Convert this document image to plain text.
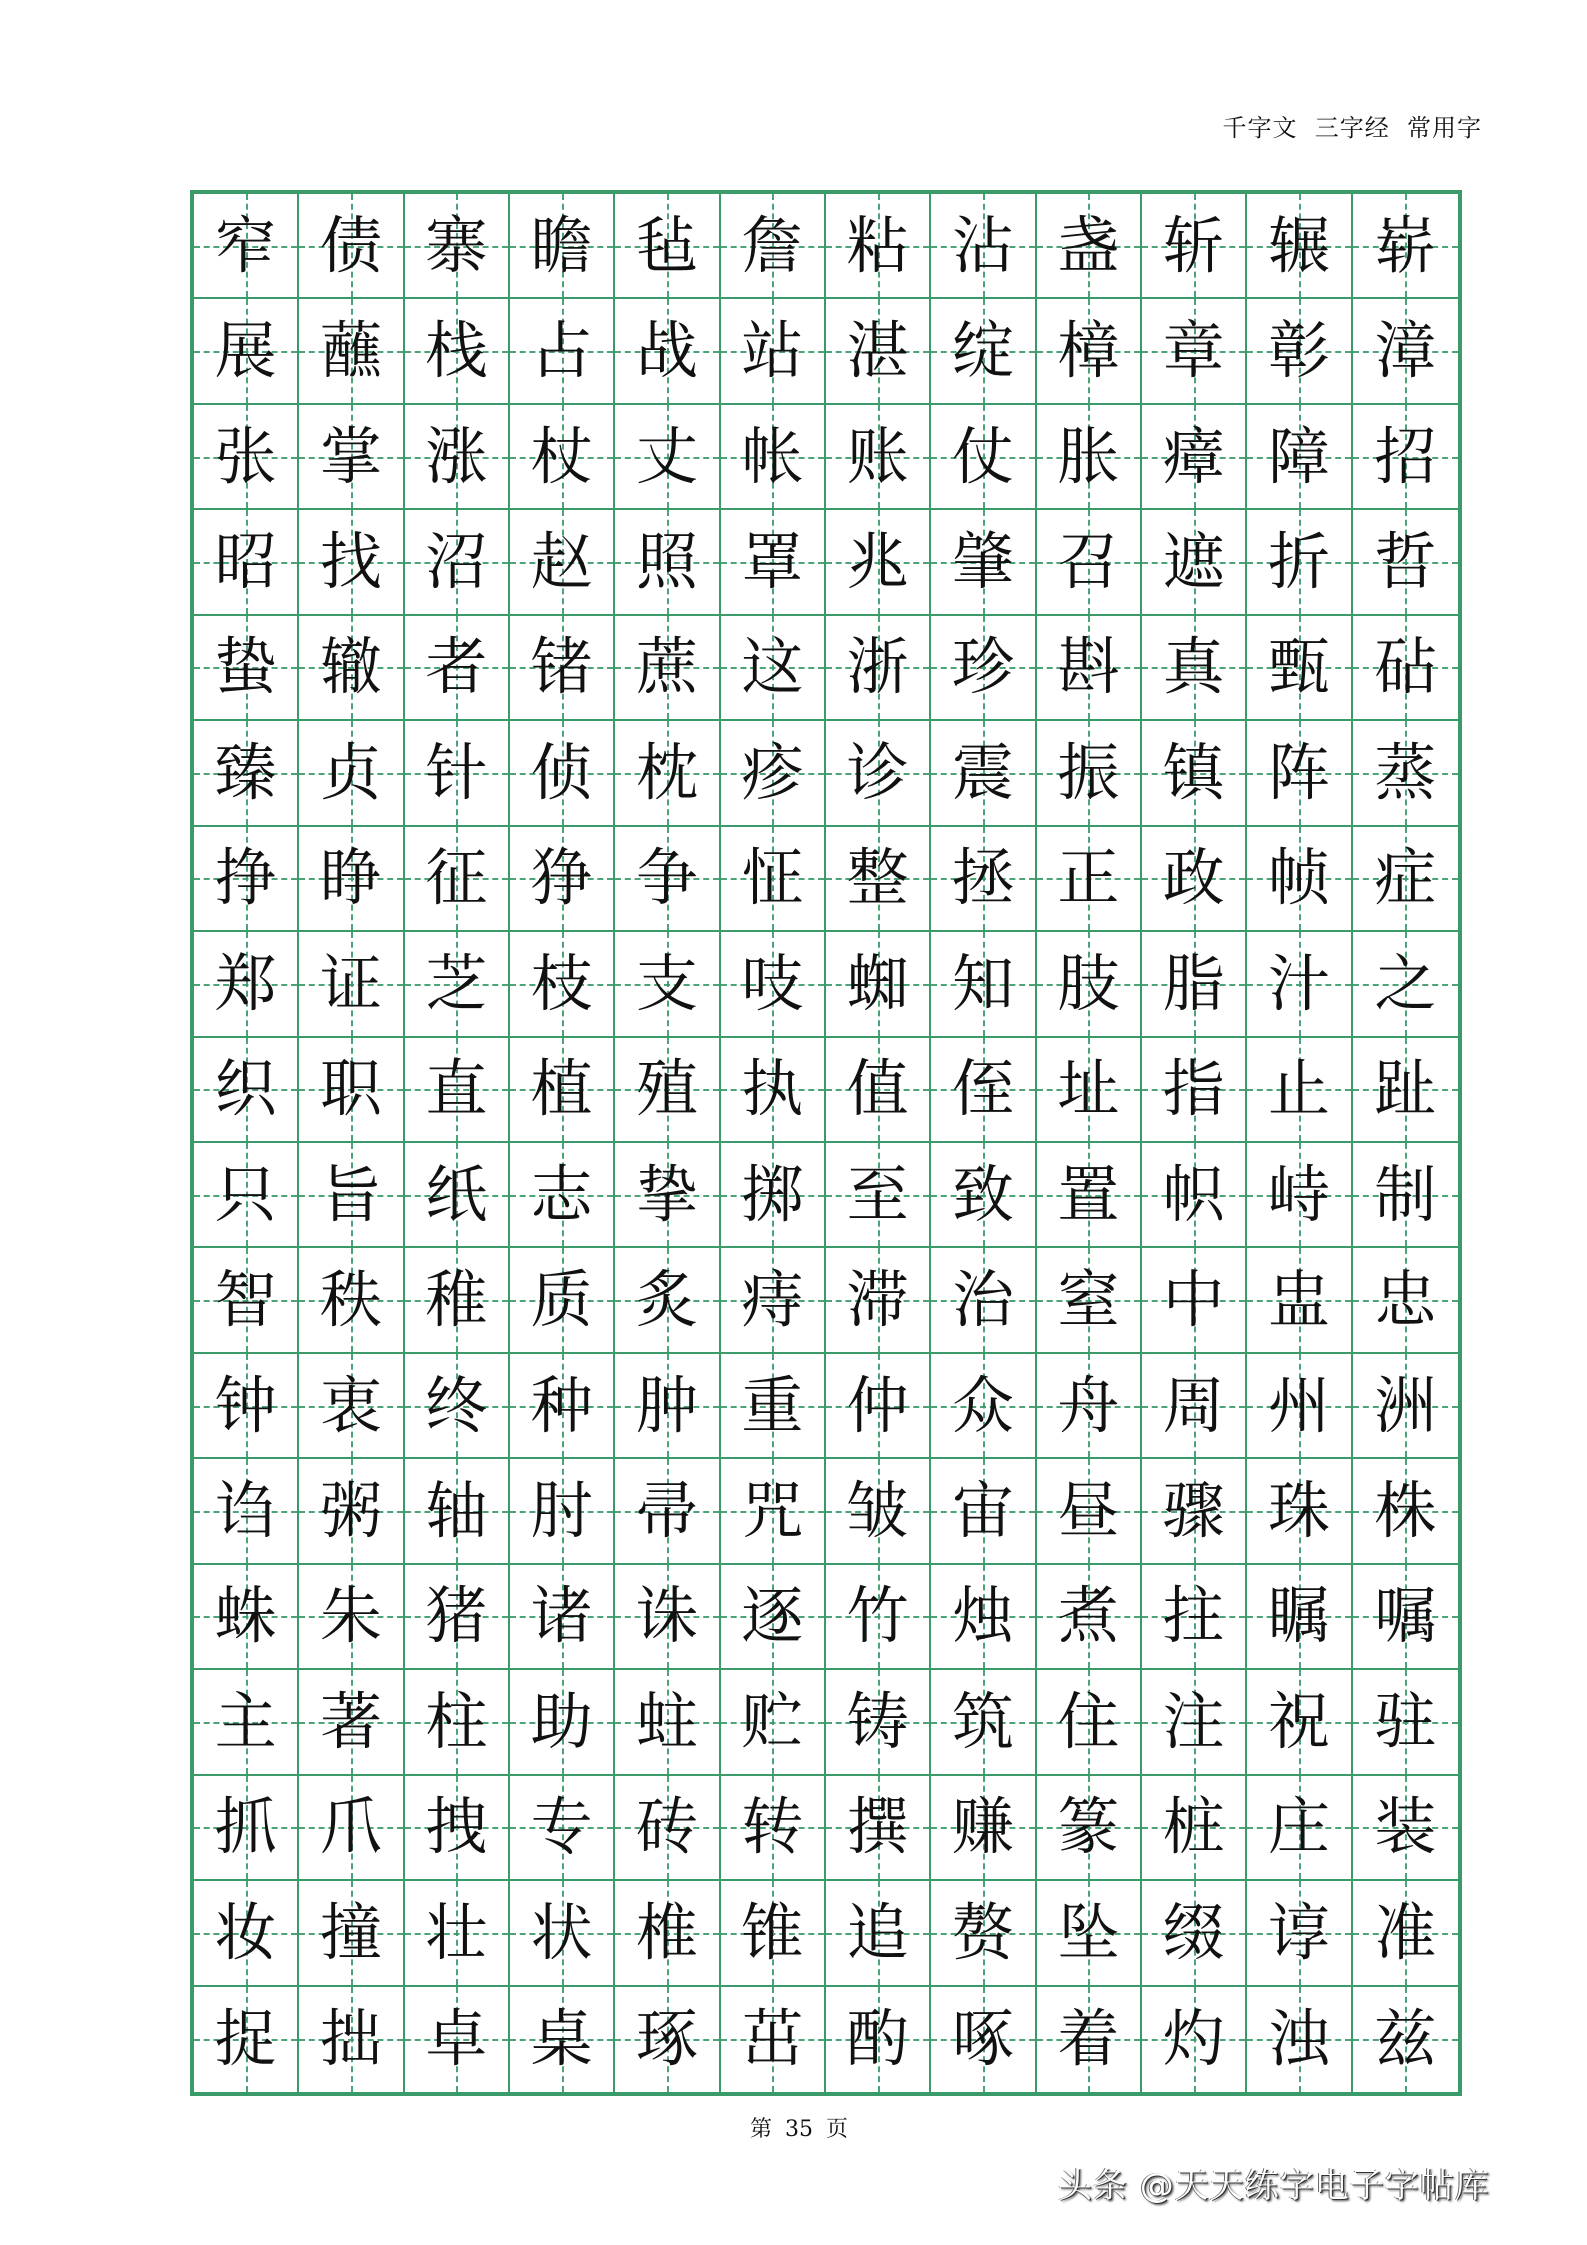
千字文  三字经  常用字
窄 债 寨 瞻 毡 詹 粘 沾 盏 斩 辗 崭
展 蘸 栈 占 战 站 湛 绽 樟 章 彰 漳
张 掌 涨 杖 丈 帐 账 仗 胀 瘴 障 招
昭 找 沼 赵 照 罩 兆 肇 召 遮 折 哲
蛰 辙 者 锗 蔗 这 浙 珍 斟 真 甄 砧
臻 贞 针 侦 枕 疹 诊 震 振 镇 阵 蒸
挣 睁 征 狰 争 怔 整 拯 正 政 帧 症
郑 证 芝 枝 支 吱 蜘 知 肢 脂 汁 之
织 职 直 植 殖 执 值 侄 址 指 止 趾
只 旨 纸 志 挚 掷 至 致 置 帜 峙 制
智 秩 稚 质 炙 痔 滞 治 窒 中 盅 忠
钟 衷 终 种 肿 重 仲 众 舟 周 州 洲
诌 粥 轴 肘 帚 咒 皱 宙 昼 骤 珠 株
蛛 朱 猪 诸 诛 逐 竹 烛 煮 拄 瞩 嘱
主 著 柱 助 蛀 贮 铸 筑 住 注 祝 驻
抓 爪 拽 专 砖 转 撰 赚 篆 桩 庄 装
妆 撞 壮 状 椎 锥 追 赘 坠 缀 谆 准
捉 拙 卓 桌 琢 茁 酌 啄 着 灼 浊 兹
第 35 页
头条 @天天练字电子字帖库
